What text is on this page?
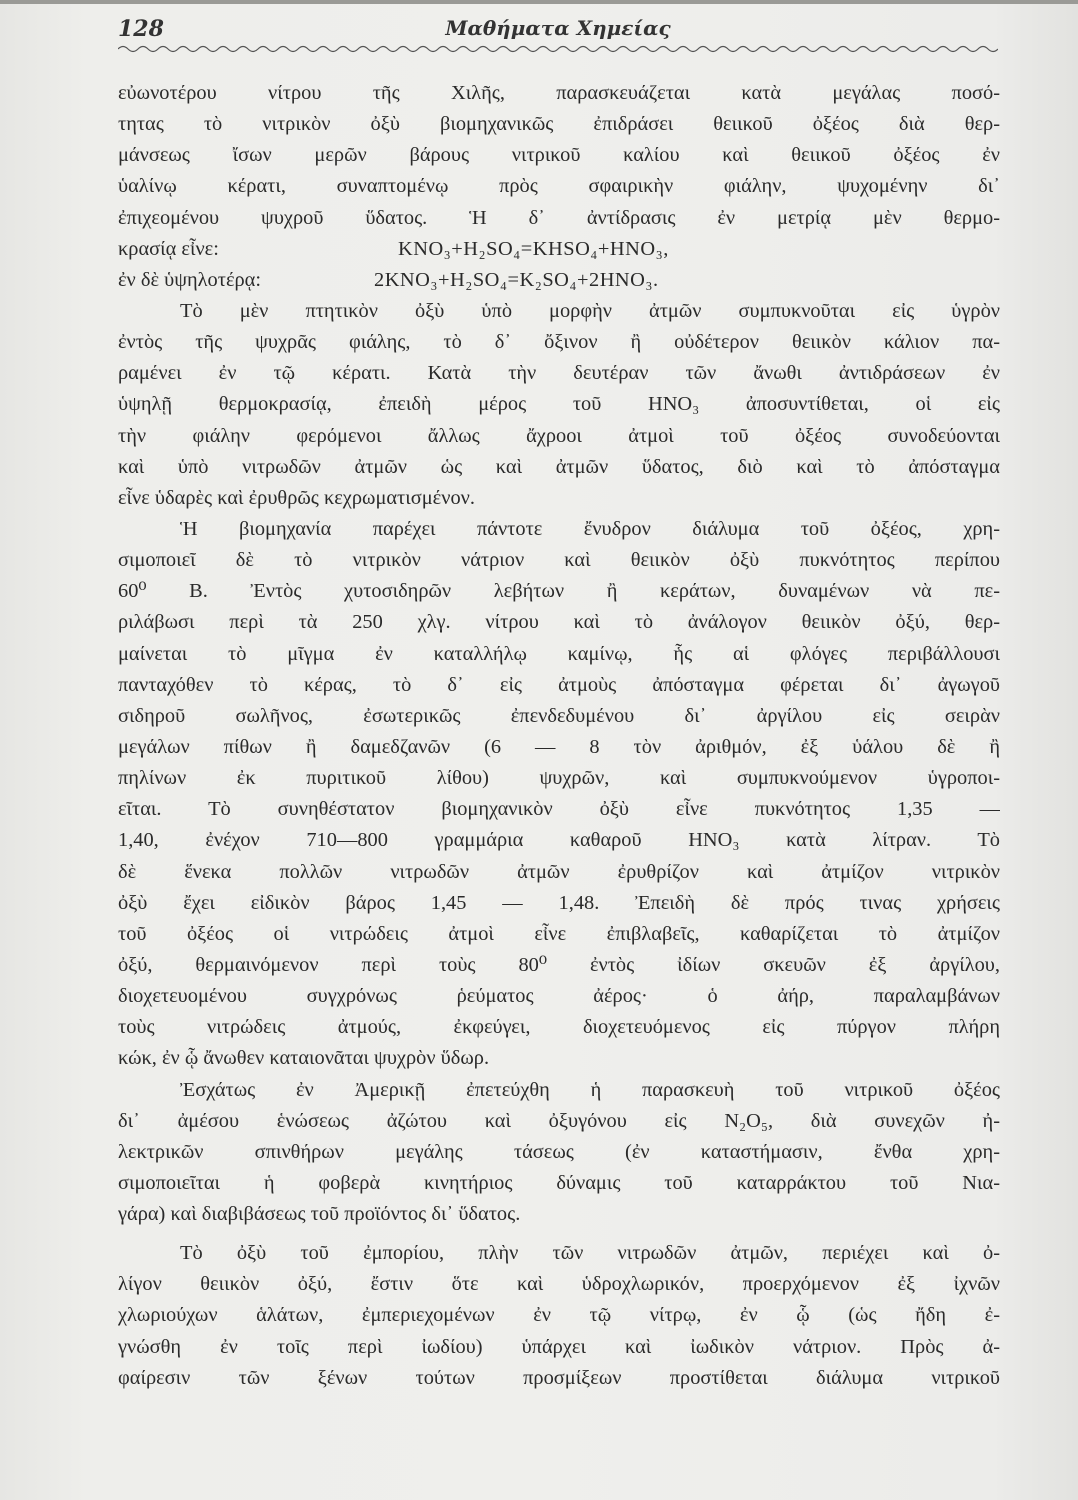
128	Μαθήματα Χημείας
εὐωνοτέρου νίτρου τῆς Χιλῆς, παρασκευάζεται κατὰ μεγάλας ποσό-
τητας τὸ νιτρικὸν ὀξὺ βιομηχανικῶς ἐπιδράσει θειικοῦ ὀξέος διὰ θερ-
μάνσεως ἴσων μερῶν βάρους νιτρικοῦ καλίου καὶ θειικοῦ ὀξέος ἐν
ὑαλίνῳ κέρατι, συναπτομένῳ πρὸς σφαιρικὴν φιάλην, ψυχομένην δι᾿
ἐπιχεομένου ψυχροῦ ὕδατος. Ἡ δ᾿ ἀντίδρασις ἐν μετρίᾳ μὲν θερμο-
κρασίᾳ εἶνε:	KNO₃+H₂SO₄=KHSO₄+HNO₃,
ἐν δὲ ὑψηλοτέρᾳ:	2KNO₃+H₂SO₄=K₂SO₄+2HNO₃.
Τὸ μὲν πτητικὸν ὀξὺ ὑπὸ μορφὴν ἀτμῶν συμπυκνοῦται εἰς ὑγρὸν
ἐντὸς τῆς ψυχρᾶς φιάλης, τὸ δ᾿ ὄξινον ἢ οὐδέτερον θειικὸν κάλιον πα-
ραμένει ἐν τῷ κέρατι. Κατὰ τὴν δευτέραν τῶν ἄνωθι ἀντιδράσεων ἐν
ὑψηλῇ θερμοκρασίᾳ, ἐπειδὴ μέρος τοῦ HNO₃ ἀποσυντίθεται, οἱ εἰς
τὴν φιάλην φερόμενοι ἄλλως ἄχροοι ἀτμοὶ τοῦ ὀξέος συνοδεύονται
καὶ ὑπὸ νιτρωδῶν ἀτμῶν ὡς καὶ ἀτμῶν ὕδατος, διὸ καὶ τὸ ἀπόσταγμα
εἶνε ὑδαρὲς καὶ ἐρυθρῶς κεχρωματισμένον.
Ἡ βιομηχανία παρέχει πάντοτε ἔνυδρον διάλυμα τοῦ ὀξέος, χρη-
σιμοποιεῖ δὲ τὸ νιτρικὸν νάτριον καὶ θειικὸν ὀξὺ πυκνότητος περίπου
60⁰ Β. Ἐντὸς χυτοσιδηρῶν λεβήτων ἢ κεράτων, δυναμένων νὰ πε-
ριλάβωσι περὶ τὰ 250 χλγ. νίτρου καὶ τὸ ἀνάλογον θειικὸν ὀξύ, θερ-
μαίνεται τὸ μῖγμα ἐν καταλλήλῳ καμίνῳ, ἧς αἱ φλόγες περιβάλλουσι
πανταχόθεν τὸ κέρας, τὸ δ᾿ εἰς ἀτμοὺς ἀπόσταγμα φέρεται δι᾿ ἀγωγοῦ
σιδηροῦ σωλῆνος, ἐσωτερικῶς ἐπενδεδυμένου δι᾿ ἀργίλου εἰς σειρὰν
μεγάλων πίθων ἢ δαμεδζανῶν (6 — 8 τὸν ἀριθμόν, ἐξ ὑάλου δὲ ἢ
πηλίνων ἐκ πυριτικοῦ λίθου) ψυχρῶν, καὶ συμπυκνούμενον ὑγροποι-
εῖται. Τὸ συνηθέστατον βιομηχανικὸν ὀξὺ εἶνε πυκνότητος 1,35 —
1,40, ἐνέχον 710—800 γραμμάρια καθαροῦ HNO₃ κατὰ λίτραν. Τὸ
δὲ ἕνεκα πολλῶν νιτρωδῶν ἀτμῶν ἐρυθρίζον καὶ ἀτμίζον νιτρικὸν
ὀξὺ ἔχει εἰδικὸν βάρος 1,45 — 1,48. Ἐπειδὴ δὲ πρός τινας χρήσεις
τοῦ ὀξέος οἱ νιτρώδεις ἀτμοὶ εἶνε ἐπιβλαβεῖς, καθαρίζεται τὸ ἀτμίζον
ὀξύ, θερμαινόμενον περὶ τοὺς 80⁰ ἐντὸς ἰδίων σκευῶν ἐξ ἀργίλου,
διοχετευομένου συγχρόνως ῥεύματος ἀέρος· ὁ ἀήρ, παραλαμβάνων
τοὺς νιτρώδεις ἀτμούς, ἐκφεύγει, διοχετευόμενος εἰς πύργον πλήρη
κώκ, ἐν ᾧ ἄνωθεν καταιονᾶται ψυχρὸν ὕδωρ.
Ἐσχάτως ἐν Ἀμερικῇ ἐπετεύχθη ἡ παρασκευὴ τοῦ νιτρικοῦ ὀξέος
δι᾿ ἀμέσου ἑνώσεως ἀζώτου καὶ ὀξυγόνου εἰς N₂O₅, διὰ συνεχῶν ἠ-
λεκτρικῶν σπινθήρων μεγάλης τάσεως (ἐν καταστήμασιν, ἔνθα χρη-
σιμοποιεῖται ἡ φοβερὰ κινητήριος δύναμις τοῦ καταρράκτου τοῦ Νια-
γάρα) καὶ διαβιβάσεως τοῦ προϊόντος δι᾿ ὕδατος.
Τὸ ὀξὺ τοῦ ἐμπορίου, πλὴν τῶν νιτρωδῶν ἀτμῶν, περιέχει καὶ ὀ-
λίγον θειικὸν ὀξύ, ἔστιν ὅτε καὶ ὑδροχλωρικόν, προερχόμενον ἐξ ἰχνῶν
χλωριούχων ἁλάτων, ἐμπεριεχομένων ἐν τῷ νίτρῳ, ἐν ᾧ (ὡς ἤδη ἐ-
γνώσθη ἐν τοῖς περὶ ἰωδίου) ὑπάρχει καὶ ἰωδικὸν νάτριον. Πρὸς ἀ-
φαίρεσιν τῶν ξένων τούτων προσμίξεων προστίθεται διάλυμα νιτρικοῦ
